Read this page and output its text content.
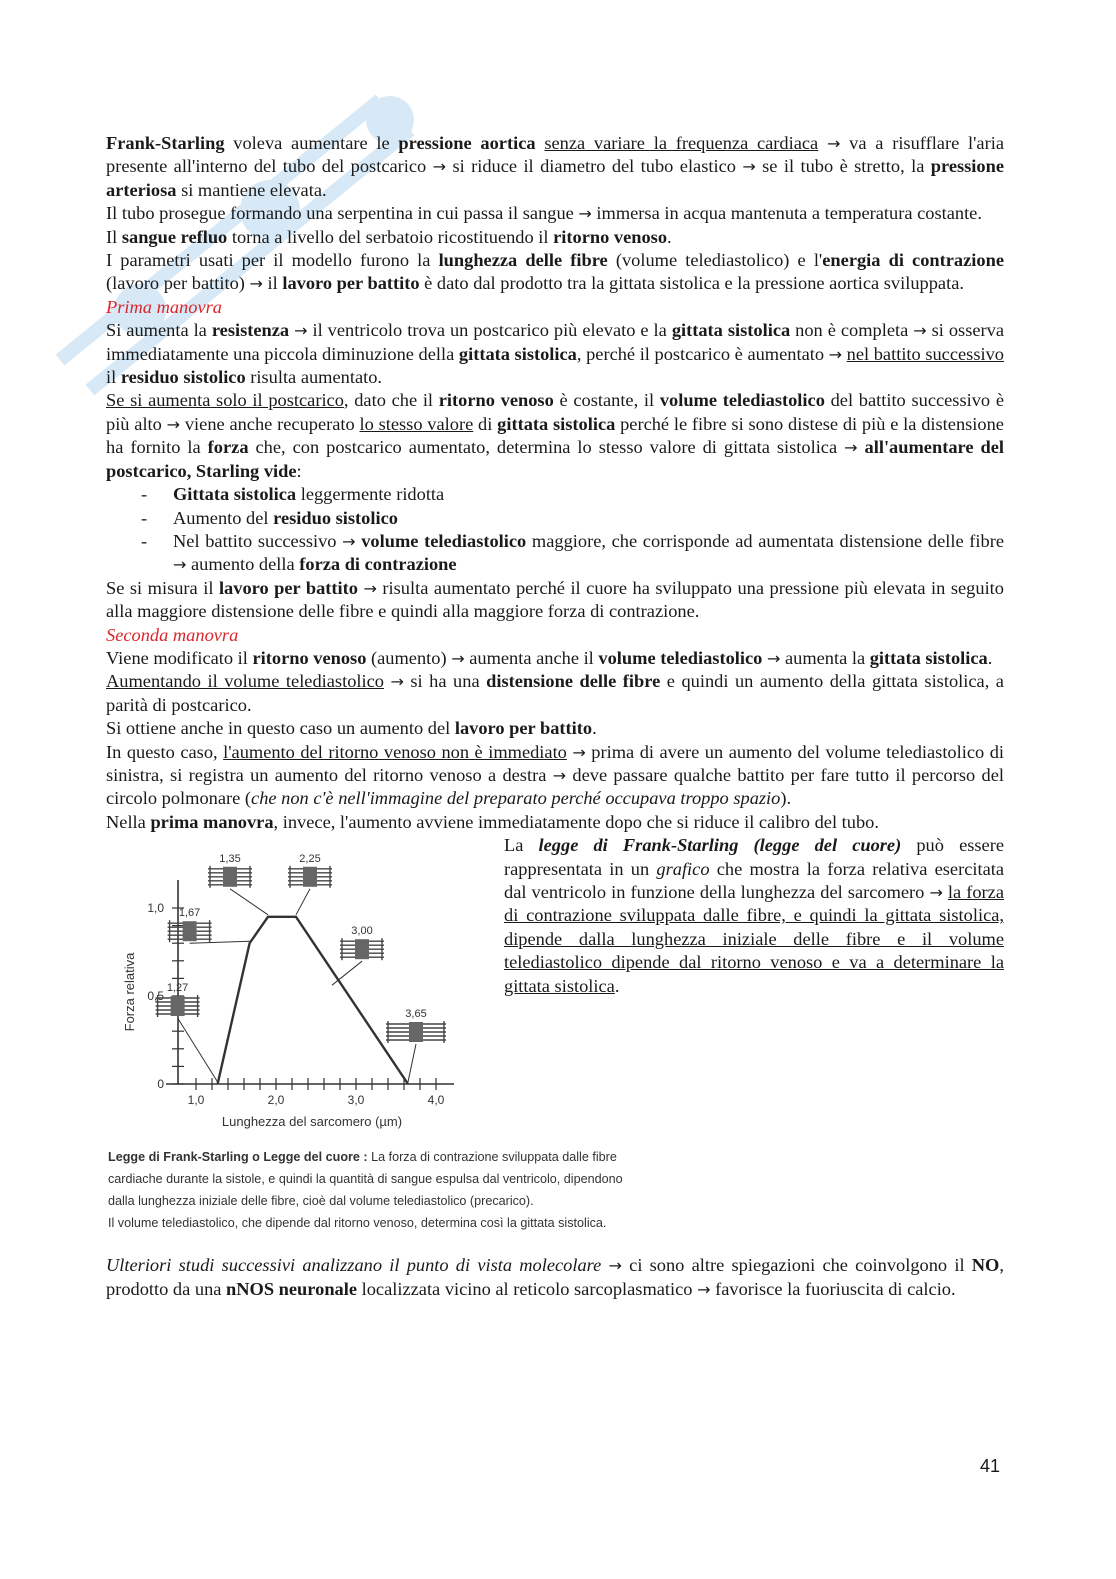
Frank-Starling voleva aumentare le pressione aortica senza variare la frequenza cardiaca → va a risufflare l'aria presente all'interno del tubo del postcarico → si riduce il diametro del tubo elastico → se il tubo è stretto, la pressione arteriosa si mantiene elevata.

Il tubo prosegue formando una serpentina in cui passa il sangue → immersa in acqua mantenuta a temperatura costante.

Il sangue refluo torna a livello del serbatoio ricostituendo il ritorno venoso.

I parametri usati per il modello furono la lunghezza delle fibre (volume telediastolico) e l'energia di contrazione (lavoro per battito) → il lavoro per battito è dato dal prodotto tra la gittata sistolica e la pressione aortica sviluppata.

Prima manovra

Si aumenta la resistenza → il ventricolo trova un postcarico più elevato e la gittata sistolica non è completa → si osserva immediatamente una piccola diminuzione della gittata sistolica, perché il postcarico è aumentato → nel battito successivo il residuo sistolico risulta aumentato.

Se si aumenta solo il postcarico, dato che il ritorno venoso è costante, il volume telediastolico del battito successivo è più alto → viene anche recuperato lo stesso valore di gittata sistolica perché le fibre si sono distese di più e la distensione ha fornito la forza che, con postcarico aumentato, determina lo stesso valore di gittata sistolica → all'aumentare del postcarico, Starling vide:

- Gittata sistolica leggermente ridotta
- Aumento del residuo sistolico
- Nel battito successivo → volume telediastolico maggiore, che corrisponde ad aumentata distensione delle fibre → aumento della forza di contrazione

Se si misura il lavoro per battito → risulta aumentato perché il cuore ha sviluppato una pressione più elevata in seguito alla maggiore distensione delle fibre e quindi alla maggiore forza di contrazione.

Seconda manovra

Viene modificato il ritorno venoso (aumento) → aumenta anche il volume telediastolico → aumenta la gittata sistolica.

Aumentando il volume telediastolico → si ha una distensione delle fibre e quindi un aumento della gittata sistolica, a parità di postcarico.

Si ottiene anche in questo caso un aumento del lavoro per battito.

In questo caso, l'aumento del ritorno venoso non è immediato → prima di avere un aumento del volume telediastolico di sinistra, si registra un aumento del ritorno venoso a destra → deve passare qualche battito per fare tutto il percorso del circolo polmonare (che non c'è nell'immagine del preparato perché occupava troppo spazio).

Nella prima manovra, invece, l'aumento avviene immediatamente dopo che si riduce il calibro del tubo.

0
0,5
1,0
1,0	2,0	3,0	4,0
1,35	2,25
1,67
3,00
1,27
3,65
Forza relativa
Lunghezza del sarcomero (µm)
Legge di Frank-Starling o Legge del cuore : La forza di contrazione sviluppata dalle fibre
cardiache durante la sistole, e quindi la quantità di sangue espulsa dal ventricolo, dipendono
dalla lunghezza iniziale delle fibre, cioè dal volume telediastolico (precarico).
Il volume telediastolico, che dipende dal ritorno venoso, determina così la gittata sistolica.

La legge di Frank-Starling (legge del cuore) può essere rappresentata in un grafico che mostra la forza relativa esercitata dal ventricolo in funzione della lunghezza del sarcomero → la forza di contrazione sviluppata dalle fibre, e quindi la gittata sistolica, dipende dalla lunghezza iniziale delle fibre e il volume telediastolico dipende dal ritorno venoso e va a determinare la gittata sistolica.

Ulteriori studi successivi analizzano il punto di vista molecolare → ci sono altre spiegazioni che coinvolgono il NO, prodotto da una nNOS neuronale localizzata vicino al reticolo sarcoplasmatico → favorisce la fuoriuscita di calcio.

41
